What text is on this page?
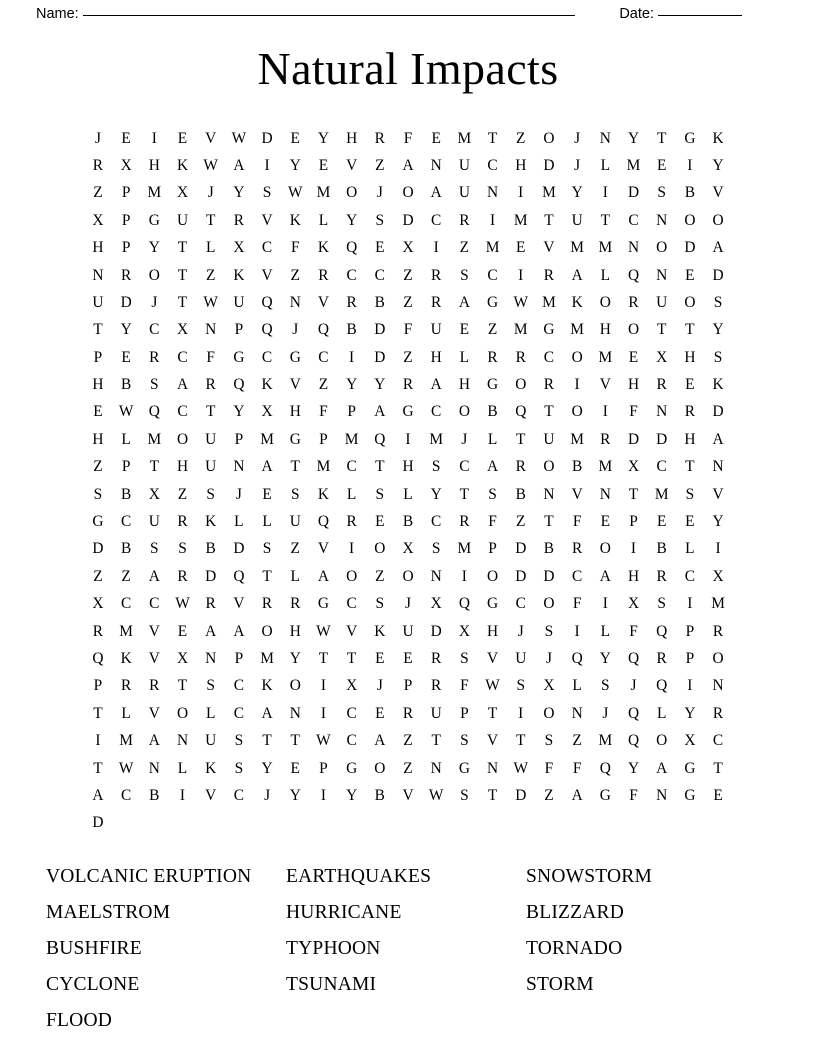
Name:	Date:
Natural Impacts
J	E	I	E	V W D	E	Y	H	R	F	E	M	T	Z	O	J	N	Y	T	G	K
R	X	H	K W A	I	Y	E	V	Z	A	N	U	C	H	D	J	L	M	E	I	Y
Z	P	M	X	J	Y	S	W M	O	J	O	A	U	N	I	M	Y	I	D	S	B	V
X	P	G	U	T	R	V	K	L	Y	S	D	C	R	I	M	T	U	T	C	N	O	O
H	P	Y	T	L	X	C	F	K	Q	E	X	I	Z	M	E	V	M M	N	O	D	A
N	R	O	T	Z	K	V	Z	R	C	C	Z	R	S	C	I	R	A	L	Q	N	E	D
U	D	J	T	W U	Q	N	V	R	B	Z	R	A	G W M	K	O	R	U	O	S
T	Y	C	X	N	P	Q	J	Q	B	D	F	U	E	Z	M	G	M	H	O	T	T	Y
P	E	R	C	F	G	C	G	C	I	D	Z	H	L	R	R	C	O	M	E	X	H	S
H	B	S	A	R	Q	K	V	Z	Y	Y	R	A	H	G	O	R	I	V	H	R	E	K
E	W Q	C	T	Y	X	H	F	P	A	G	C	O	B	Q	T	O	I	F	N	R	D
H	L	M	O	U	P	M	G	P	M	Q	I	M	J	L	T	U	M	R	D	D	H	A
Z	P	T	H	U	N	A	T	M	C	T	H	S	C	A	R	O	B	M	X	C	T	N
S	B	X	Z	S	J	E	S	K	L	S	L	Y	T	S	B	N	V	N	T	M	S	V
G	C	U	R	K	L	L	U	Q	R	E	B	C	R	F	Z	T	F	E	P	E	E	Y
D	B	S	S	B	D	S	Z	V	I	O	X	S	M	P	D	B	R	O	I	B	L	I
Z	Z	A	R	D	Q	T	L	A	O	Z	O	N	I	O	D	D	C	A	H	R	C	X
X	C	C	W	R	V	R	R	G	C	S	J	X	Q	G	C	O	F	I	X	S	I	M
R	M	V	E	A	A	O	H W V	K	U	D	X	H	J	S	I	L	F	Q	P	R
Q	K	V	X	N	P	M	Y	T	T	E	E	R	S	V	U	J	Q	Y	Q	R	P	O
P	R	R	T	S	C	K	O	I	X	J	P	R	F	W	S	X	L	S	J	Q	I	N
T	L	V	O	L	C	A	N	I	C	E	R	U	P	T	I	O	N	J	Q	L	Y	R
I	M	A	N	U	S	T	T	W	C	A	Z	T	S	V	T	S	Z	M	Q	O	X	C
T	W N	L	K	S	Y	E	P	G	O	Z	N	G	N W	F	F	Q	Y	A	G	T
A	C	B	I	V	C	J	Y	I	Y	B	V W	S	T	D	Z	A	G	F	N	G	E
D
VOLCANIC ERUPTION	EARTHQUAKES	SNOWSTORM
MAELSTROM	HURRICANE	BLIZZARD
BUSHFIRE	TYPHOON	TORNADO
CYCLONE	TSUNAMI	STORM
FLOOD
